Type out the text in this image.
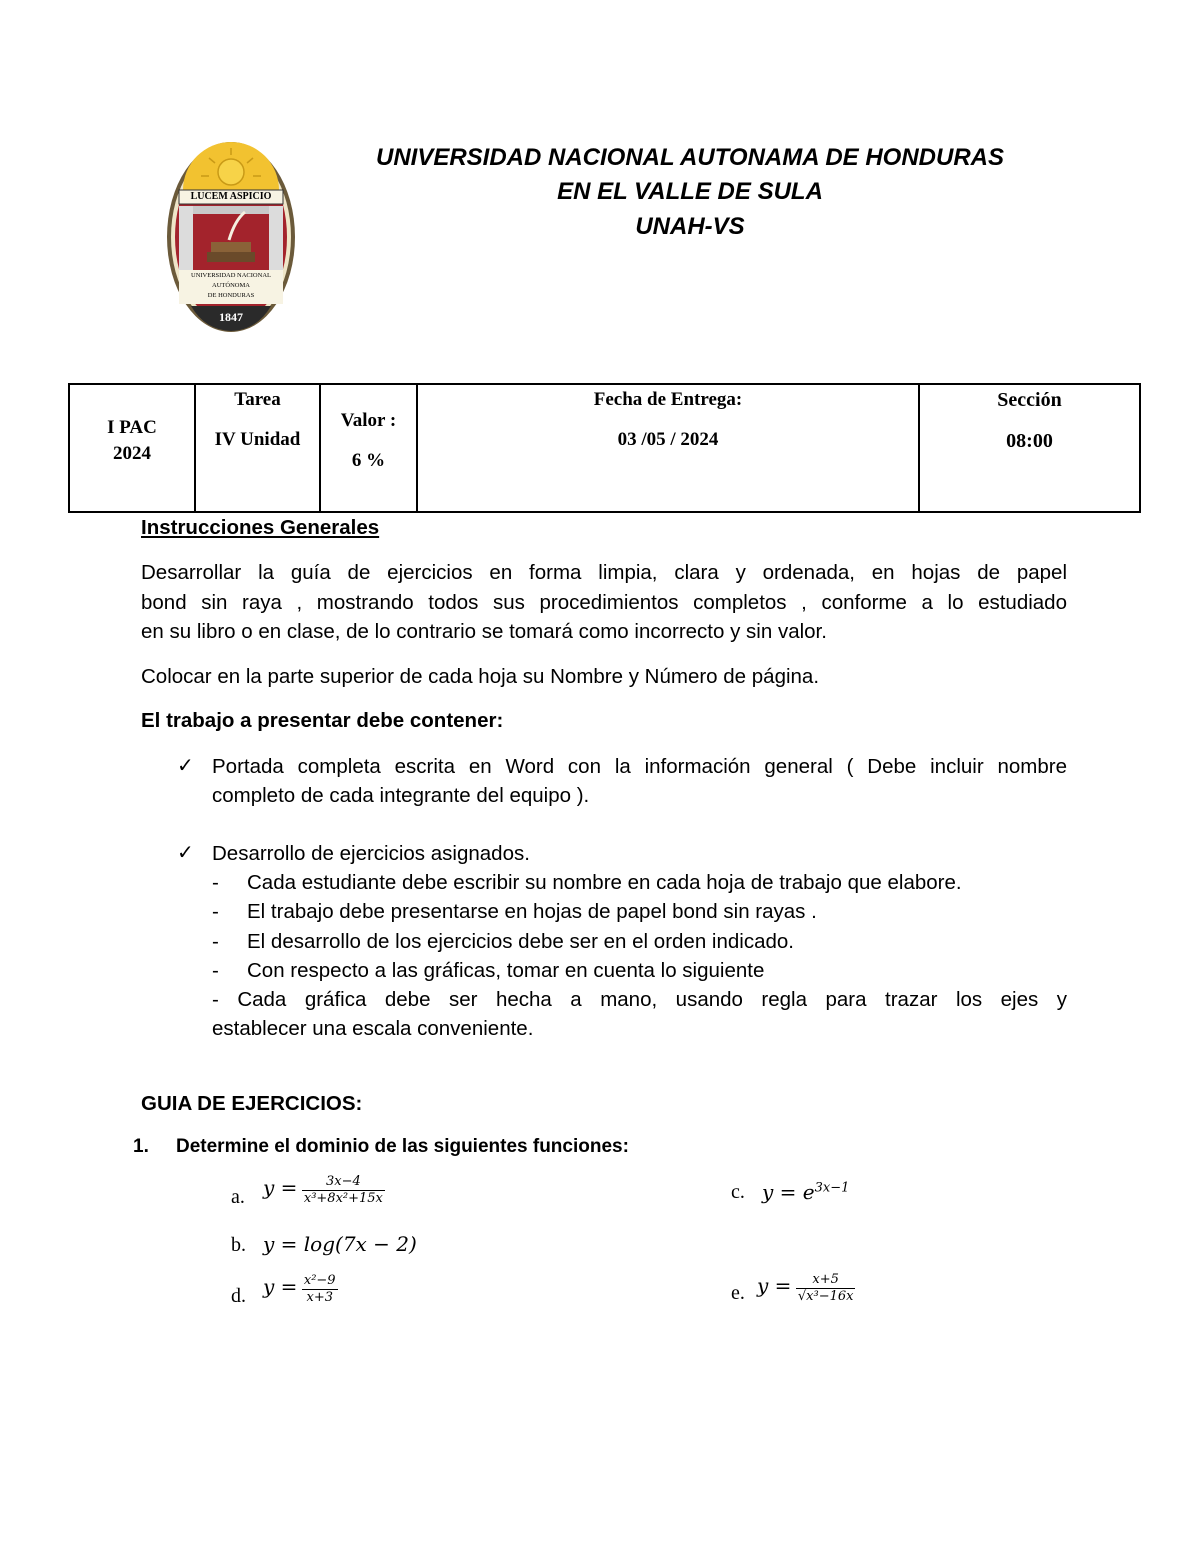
LUCEM ASPICIO
UNIVERSIDAD NACIONAL
AUTÓNOMA
DE HONDURAS
1847
UNIVERSIDAD NACIONAL AUTONAMA DE HONDURAS
EN EL VALLE DE SULA
UNAH-VS
I PAC
2024

Tarea
IV Unidad

Valor :
6 %

Fecha de Entrega:
03 /05 / 2024

Sección
08:00
Instrucciones Generales
Desarrollar la guía de ejercicios en forma limpia, clara y ordenada, en hojas de papel
bond sin raya , mostrando todos sus procedimientos completos , conforme a lo estudiado
en su libro o en clase, de lo contrario se tomará como incorrecto y sin valor.
Colocar en la parte superior de cada hoja su Nombre y Número de página.
El trabajo a presentar debe contener:
✓ Portada completa escrita en Word con la información general ( Debe incluir nombre
completo de cada integrante del equipo ).
✓ Desarrollo de ejercicios asignados.
- Cada estudiante debe escribir su nombre en cada hoja de trabajo que elabore.
- El trabajo debe presentarse en hojas de papel bond sin rayas .
- El desarrollo de los ejercicios debe ser en el orden indicado.
- Con respecto a las gráficas, tomar en cuenta lo siguiente
- Cada gráfica debe ser hecha a mano, usando regla para trazar los ejes y
establecer una escala conveniente.
GUIA DE EJERCICIOS:
1. Determine el dominio de las siguientes funciones:
a. $y = \frac{3x-4}{\text{x³+8x²+15x}}$	c. $y = e^{3x-1}$
b. y = log(7x − 2)
d. $y = \frac{\text{x²−9}}{x+3}$	e. $y = \frac{x+5}{\text{√x³−16x}}$
